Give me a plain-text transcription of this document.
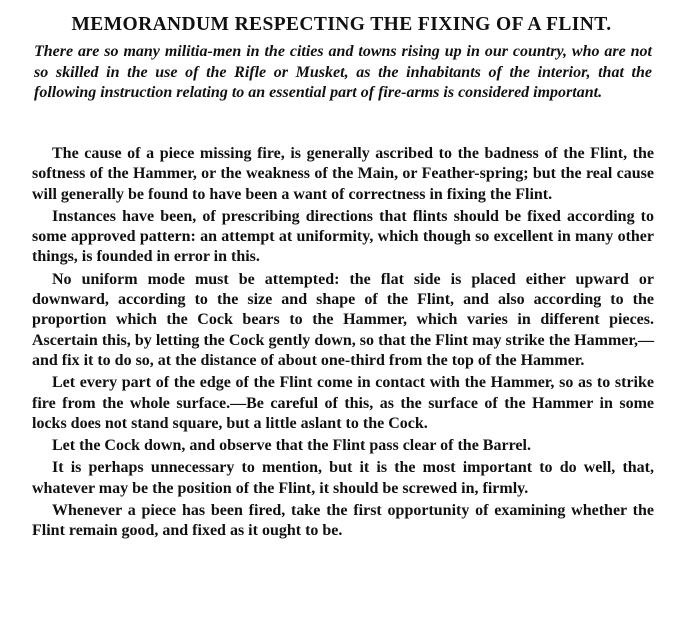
MEMORANDUM RESPECTING THE FIXING OF A FLINT.

There are so many militia-men in the cities and towns rising up in our country, who are not so skilled in the use of the Rifle or Musket, as the inhabitants of the interior, that the following instruction relating to an essential part of fire-arms is considered important.

The cause of a piece missing fire, is generally ascribed to the badness of the Flint, the softness of the Hammer, or the weakness of the Main, or Feather-spring; but the real cause will generally be found to have been a want of correctness in fixing the Flint.

Instances have been, of prescribing directions that flints should be fixed according to some approved pattern: an attempt at uniformity, which though so excellent in many other things, is founded in error in this.

No uniform mode must be attempted: the flat side is placed either upward or downward, according to the size and shape of the Flint, and also according to the proportion which the Cock bears to the Hammer, which varies in different pieces. Ascertain this, by letting the Cock gently down, so that the Flint may strike the Hammer,—and fix it to do so, at the distance of about one-third from the top of the Hammer.

Let every part of the edge of the Flint come in contact with the Hammer, so as to strike fire from the whole surface.—Be careful of this, as the surface of the Hammer in some locks does not stand square, but a little aslant to the Cock.

Let the Cock down, and observe that the Flint pass clear of the Barrel.

It is perhaps unnecessary to mention, but it is the most important to do well, that, whatever may be the position of the Flint, it should be screwed in, firmly.

Whenever a piece has been fired, take the first opportunity of examining whether the Flint remain good, and fixed as it ought to be.
